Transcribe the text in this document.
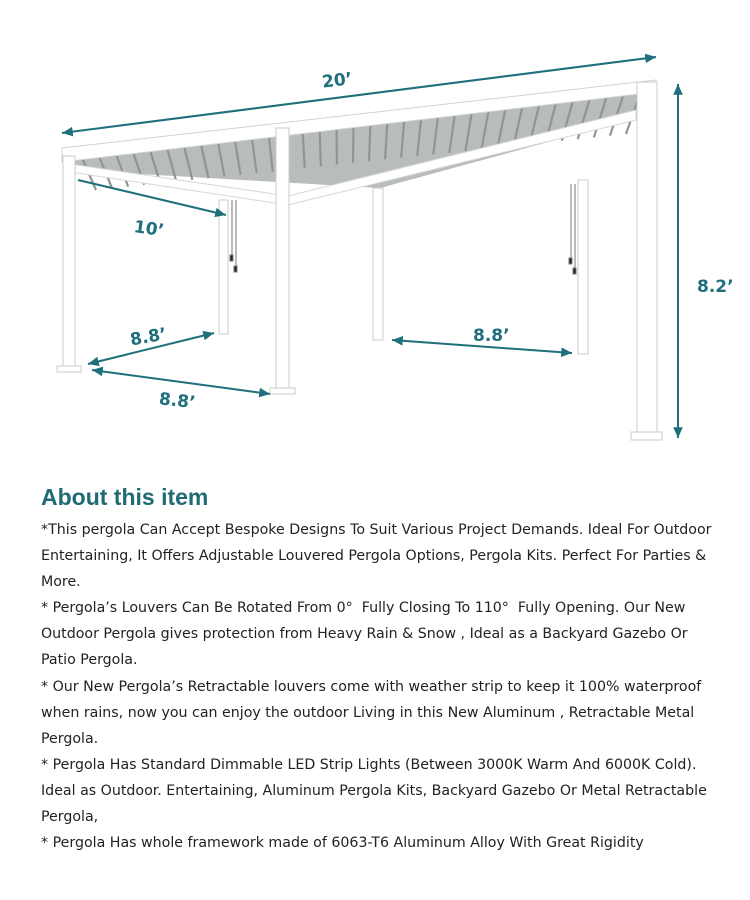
20’
8.2’
10’
8.8’
8.8’
8.8’
About this item

*This pergola Can Accept Bespoke Designs To Suit Various Project Demands. Ideal For Outdoor Entertaining, It Offers Adjustable Louvered Pergola Options, Pergola Kits. Perfect For Parties & More.

* Pergola’s Louvers Can Be Rotated From 0°  Fully Closing To 110°  Fully Opening. Our New Outdoor Pergola gives protection from Heavy Rain & Snow , Ideal as a Backyard Gazebo Or Patio Pergola.

* Our New Pergola’s Retractable louvers come with weather strip to keep it 100% waterproof when rains, now you can enjoy the outdoor Living in this New Aluminum , Retractable Metal Pergola.

* Pergola Has Standard Dimmable LED Strip Lights (Between 3000K Warm And 6000K Cold). Ideal as Outdoor. Entertaining, Aluminum Pergola Kits, Backyard Gazebo Or Metal Retractable Pergola,

* Pergola Has whole framework made of 6063-T6 Aluminum Alloy With Great Rigidity
